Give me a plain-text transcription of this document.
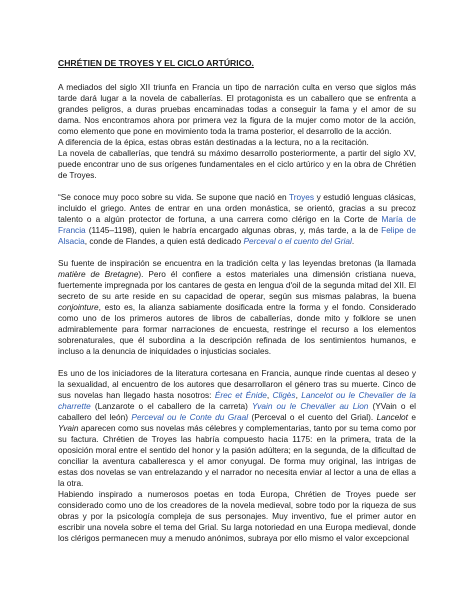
CHRÉTIEN DE TROYES Y EL CICLO ARTÚRICO.

A mediados del siglo XII triunfa en Francia un tipo de narración culta en verso que siglos más tarde dará lugar a la novela de caballerías. El protagonista es un caballero que se enfrenta a grandes peligros, a duras pruebas encaminadas todas a conseguir la fama y el amor de su dama. Nos encontramos ahora por primera vez la figura de la mujer como motor de la acción, como elemento que pone en movimiento toda la trama posterior, el desarrollo de la acción.

A diferencia de la épica, estas obras están destinadas a la lectura, no a la recitación.

La novela de caballerías, que tendrá su máximo desarrollo posteriormente, a partir del siglo XV, puede encontrar uno de sus orígenes fundamentales en el ciclo artúrico y en la obra de Chrétien de Troyes.

“Se conoce muy poco sobre su vida. Se supone que nació en Troyes y estudió lenguas clásicas, incluido el griego. Antes de entrar en una orden monástica, se orientó, gracias a su precoz talento o a algún protector de fortuna, a una carrera como clérigo en la Corte de María de Francia (1145–1198), quien le habría encargado algunas obras, y, más tarde, a la de Felipe de Alsacia, conde de Flandes, a quien está dedicado Perceval o el cuento del Grial.

Su fuente de inspiración se encuentra en la tradición celta y las leyendas bretonas (la llamada matière de Bretagne). Pero él confiere a estos materiales una dimensión cristiana nueva, fuertemente impregnada por los cantares de gesta en lengua d'oil de la segunda mitad del XII. El secreto de su arte reside en su capacidad de operar, según sus mismas palabras, la buena conjointure, esto es, la alianza sabiamente dosificada entre la forma y el fondo. Considerado como uno de los primeros autores de libros de caballerías, donde mito y folklore se unen admirablemente para formar narraciones de encuesta, restringe el recurso a los elementos sobrenaturales, que él subordina a la descripción refinada de los sentimientos humanos, e incluso a la denuncia de iniquidades o injusticias sociales.

Es uno de los iniciadores de la literatura cortesana en Francia, aunque rinde cuentas al deseo y la sexualidad, al encuentro de los autores que desarrollaron el género tras su muerte. Cinco de sus novelas han llegado hasta nosotros: Érec et Énide, Cligès, Lancelot ou le Chevalier de la charrette (Lanzarote o el caballero de la carreta) Yvain ou le Chevalier au Lion (YVain o el caballero del león) Perceval ou le Conte du Graal (Perceval o el cuento del Grial). Lancelot e Yvain aparecen como sus novelas más célebres y complementarias, tanto por su tema como por su factura. Chrétien de Troyes las habría compuesto hacia 1175: en la primera, trata de la oposición moral entre el sentido del honor y la pasión adúltera; en la segunda, de la dificultad de conciliar la aventura caballeresca y el amor conyugal. De forma muy original, las intrigas de estas dos novelas se van entrelazando y el narrador no necesita enviar al lector a una de ellas a la otra.

Habiendo inspirado a numerosos poetas en toda Europa, Chrétien de Troyes puede ser considerado como uno de los creadores de la novela medieval, sobre todo por la riqueza de sus obras y por la psicología compleja de sus personajes. Muy inventivo, fue el primer autor en escribir una novela sobre el tema del Grial. Su larga notoriedad en una Europa medieval, donde los clérigos permanecen muy a menudo anónimos, subraya por ello mismo el valor excepcional
